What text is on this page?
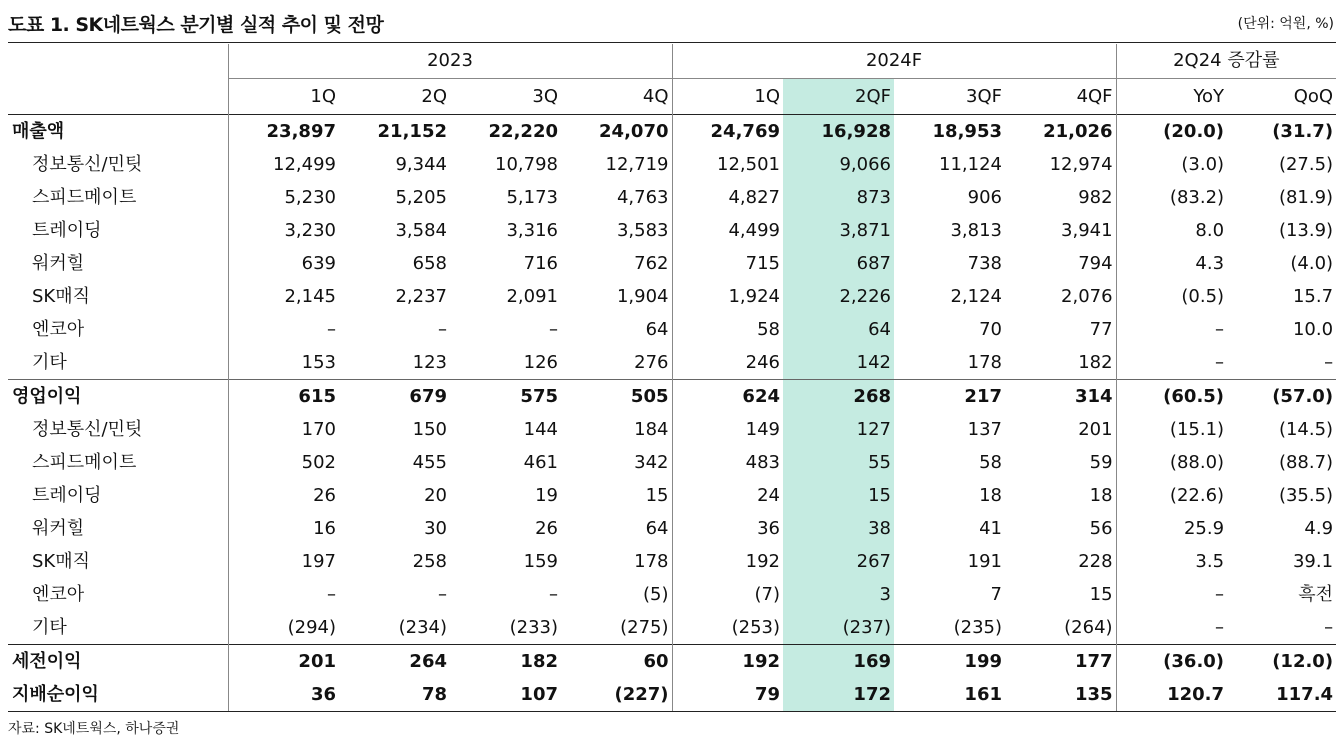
도표 1. SK네트웍스 분기별 실적 추이 및 전망	(단위: 억원, %)
	2023				2024F				2Q24 증감률	
	1Q	2Q	3Q	4Q	1Q	2QF	3QF	4QF	YoY	QoQ
매출액	23,897	21,152	22,220	24,070	24,769	16,928	18,953	21,026	(20.0)	(31.7)
정보통신/민팃	12,499	9,344	10,798	12,719	12,501	9,066	11,124	12,974	(3.0)	(27.5)
스피드메이트	5,230	5,205	5,173	4,763	4,827	873	906	982	(83.2)	(81.9)
트레이딩	3,230	3,584	3,316	3,583	4,499	3,871	3,813	3,941	8.0	(13.9)
워커힐	639	658	716	762	715	687	738	794	4.3	(4.0)
SK매직	2,145	2,237	2,091	1,904	1,924	2,226	2,124	2,076	(0.5)	15.7
엔코아	–	–	–	64	58	64	70	77	–	10.0
기타	153	123	126	276	246	142	178	182	–	–
영업이익	615	679	575	505	624	268	217	314	(60.5)	(57.0)
정보통신/민팃	170	150	144	184	149	127	137	201	(15.1)	(14.5)
스피드메이트	502	455	461	342	483	55	58	59	(88.0)	(88.7)
트레이딩	26	20	19	15	24	15	18	18	(22.6)	(35.5)
워커힐	16	30	26	64	36	38	41	56	25.9	4.9
SK매직	197	258	159	178	192	267	191	228	3.5	39.1
엔코아	–	–	–	(5)	(7)	3	7	15	–	흑전
기타	(294)	(234)	(233)	(275)	(253)	(237)	(235)	(264)	–	–
세전이익	201	264	182	60	192	169	199	177	(36.0)	(12.0)
지배순이익	36	78	107	(227)	79	172	161	135	120.7	117.4
자료: SK네트웍스, 하나증권
